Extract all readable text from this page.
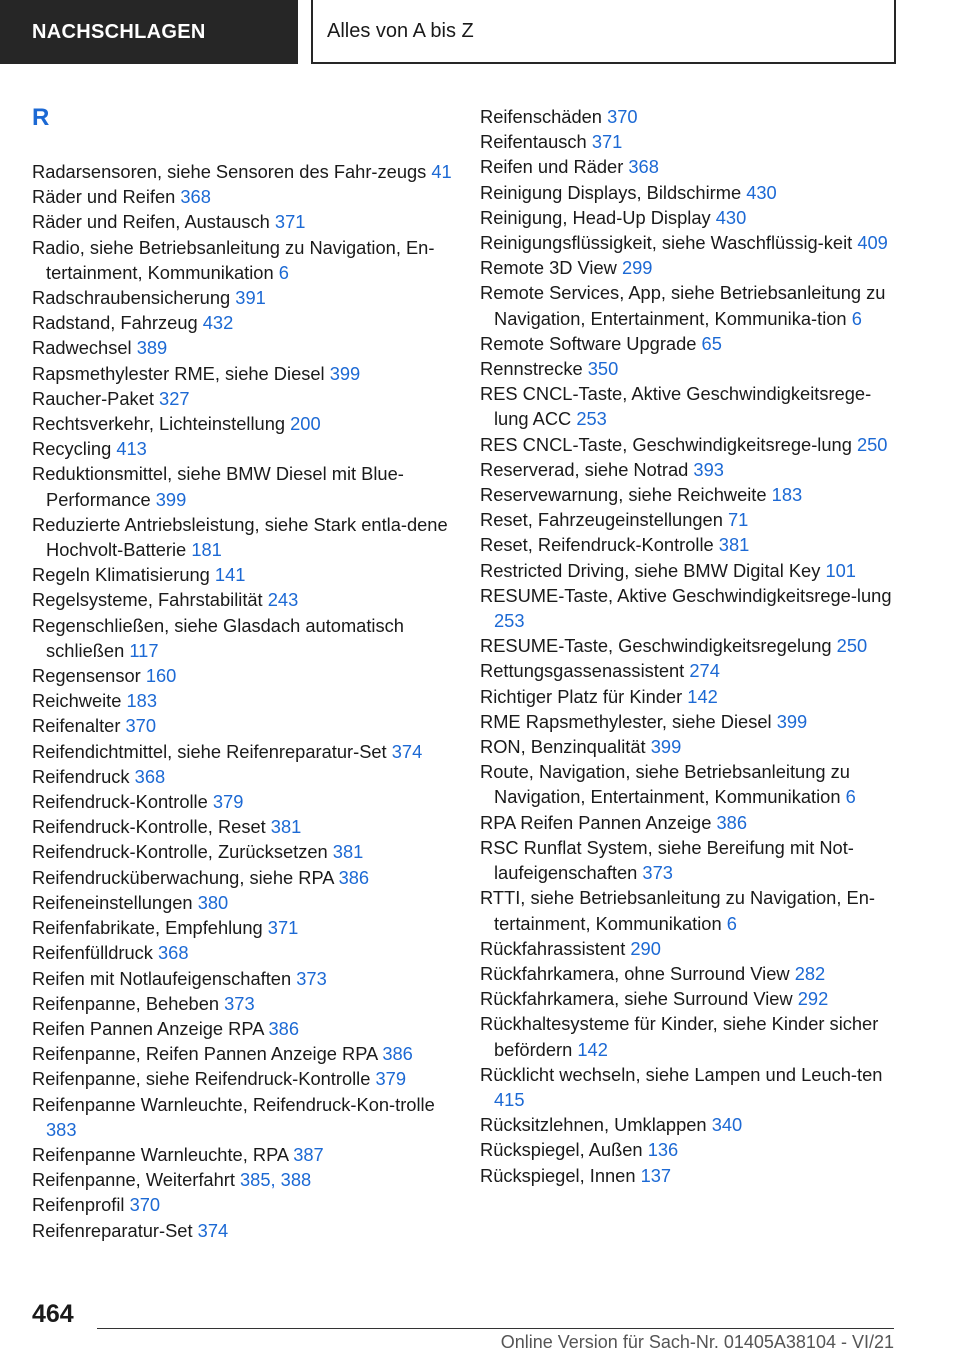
NACHSCHLAGEN	Alles von A bis Z
R
Radarsensoren, siehe Sensoren des Fahr-zeugs 41
Räder und Reifen 368
Räder und Reifen, Austausch 371
Radio, siehe Betriebsanleitung zu Navigation, En-tertainment, Kommunikation 6
Radschraubensicherung 391
Radstand, Fahrzeug 432
Radwechsel 389
Rapsmethylester RME, siehe Diesel 399
Raucher-Paket 327
Rechtsverkehr, Lichteinstellung 200
Recycling 413
Reduktionsmittel, siehe BMW Diesel mit Blue-Performance 399
Reduzierte Antriebsleistung, siehe Stark entla-dene Hochvolt-Batterie 181
Regeln Klimatisierung 141
Regelsysteme, Fahrstabilität 243
Regenschließen, siehe Glasdach automatisch schließen 117
Regensensor 160
Reichweite 183
Reifenalter 370
Reifendichtmittel, siehe Reifenreparatur-Set 374
Reifendruck 368
Reifendruck-Kontrolle 379
Reifendruck-Kontrolle, Reset 381
Reifendruck-Kontrolle, Zurücksetzen 381
Reifendrucküberwachung, siehe RPA 386
Reifeneinstellungen 380
Reifenfabrikate, Empfehlung 371
Reifenfülldruck 368
Reifen mit Notlaufeigenschaften 373
Reifenpanne, Beheben 373
Reifen Pannen Anzeige RPA 386
Reifenpanne, Reifen Pannen Anzeige RPA 386
Reifenpanne, siehe Reifendruck-Kontrolle 379
Reifenpanne Warnleuchte, Reifendruck-Kon-trolle 383
Reifenpanne Warnleuchte, RPA 387
Reifenpanne, Weiterfahrt 385, 388
Reifenprofil 370
Reifenreparatur-Set 374
Reifenschäden 370
Reifentausch 371
Reifen und Räder 368
Reinigung Displays, Bildschirme 430
Reinigung, Head-Up Display 430
Reinigungsflüssigkeit, siehe Waschflüssig-keit 409
Remote 3D View 299
Remote Services, App, siehe Betriebsanleitung zu Navigation, Entertainment, Kommunika-tion 6
Remote Software Upgrade 65
Rennstrecke 350
RES CNCL-Taste, Aktive Geschwindigkeitsrege-lung ACC 253
RES CNCL-Taste, Geschwindigkeitsrege-lung 250
Reserverad, siehe Notrad 393
Reservewarnung, siehe Reichweite 183
Reset, Fahrzeugeinstellungen 71
Reset, Reifendruck-Kontrolle 381
Restricted Driving, siehe BMW Digital Key 101
RESUME-Taste, Aktive Geschwindigkeitsrege-lung 253
RESUME-Taste, Geschwindigkeitsregelung 250
Rettungsgassenassistent 274
Richtiger Platz für Kinder 142
RME Rapsmethylester, siehe Diesel 399
RON, Benzinqualität 399
Route, Navigation, siehe Betriebsanleitung zu Navigation, Entertainment, Kommunikation 6
RPA Reifen Pannen Anzeige 386
RSC Runflat System, siehe Bereifung mit Not-laufeigenschaften 373
RTTI, siehe Betriebsanleitung zu Navigation, En-tertainment, Kommunikation 6
Rückfahrassistent 290
Rückfahrkamera, ohne Surround View 282
Rückfahrkamera, siehe Surround View 292
Rückhaltesysteme für Kinder, siehe Kinder sicher befördern 142
Rücklicht wechseln, siehe Lampen und Leuch-ten 415
Rücksitzlehnen, Umklappen 340
Rückspiegel, Außen 136
Rückspiegel, Innen 137
464
Online Version für Sach-Nr. 01405A38104 - VI/21
